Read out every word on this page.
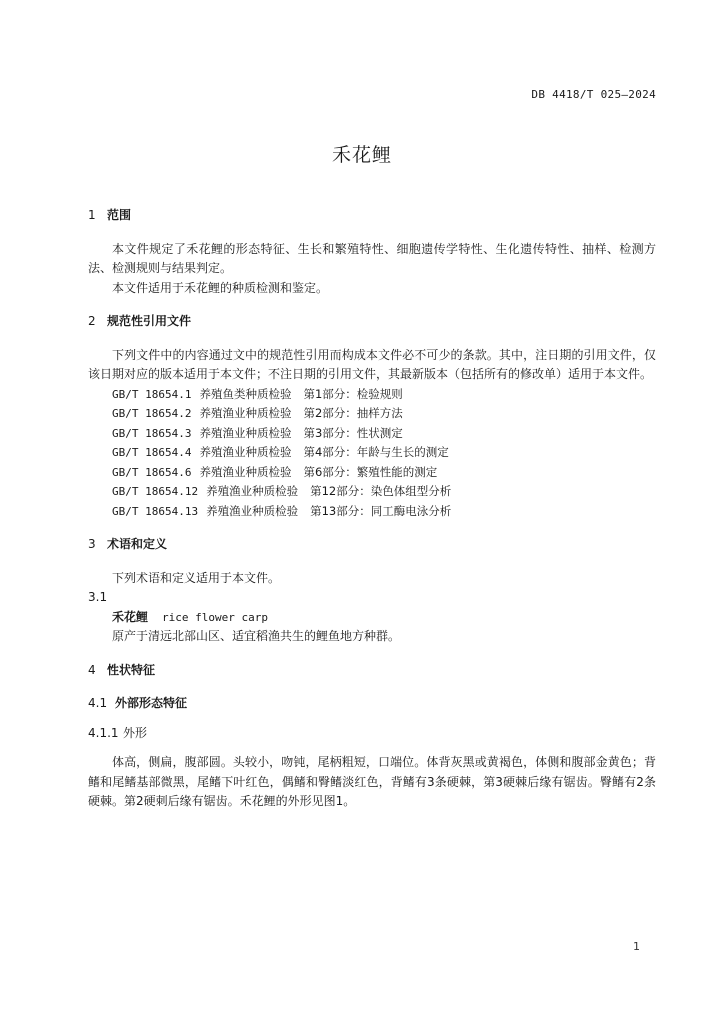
DB 4418/T 025—2024
禾花鲤

1 范围

本文件规定了禾花鲤的形态特征、生长和繁殖特性、细胞遗传学特性、生化遗传特性、抽样、检测方法、检测规则与结果判定。

本文件适用于禾花鲤的种质检测和鉴定。

2 规范性引用文件

下列文件中的内容通过文中的规范性引用而构成本文件必不可少的条款。其中，注日期的引用文件，仅该日期对应的版本适用于本文件；不注日期的引用文件，其最新版本（包括所有的修改单）适用于本文件。

GB/T 18654.1 养殖鱼类种质检验 第1部分：检验规则

GB/T 18654.2 养殖渔业种质检验 第2部分：抽样方法

GB/T 18654.3 养殖渔业种质检验 第3部分：性状测定

GB/T 18654.4 养殖渔业种质检验 第4部分：年龄与生长的测定

GB/T 18654.6 养殖渔业种质检验 第6部分：繁殖性能的测定

GB/T 18654.12 养殖渔业种质检验 第12部分：染色体组型分析

GB/T 18654.13 养殖渔业种质检验 第13部分：同工酶电泳分析

3 术语和定义

下列术语和定义适用于本文件。

3.1

禾花鲤 rice flower carp

原产于清远北部山区、适宜稻渔共生的鲤鱼地方种群。

4 性状特征

4.1 外部形态特征

4.1.1 外形

体高，侧扁，腹部圆。头较小，吻钝，尾柄粗短，口端位。体背灰黑或黄褐色，体侧和腹部金黄色；背鳍和尾鳍基部微黑，尾鳍下叶红色，偶鳍和臀鳍淡红色，背鳍有3条硬棘，第3硬棘后缘有锯齿。臀鳍有2条硬棘。第2硬刺后缘有锯齿。禾花鲤的外形见图1。

1
